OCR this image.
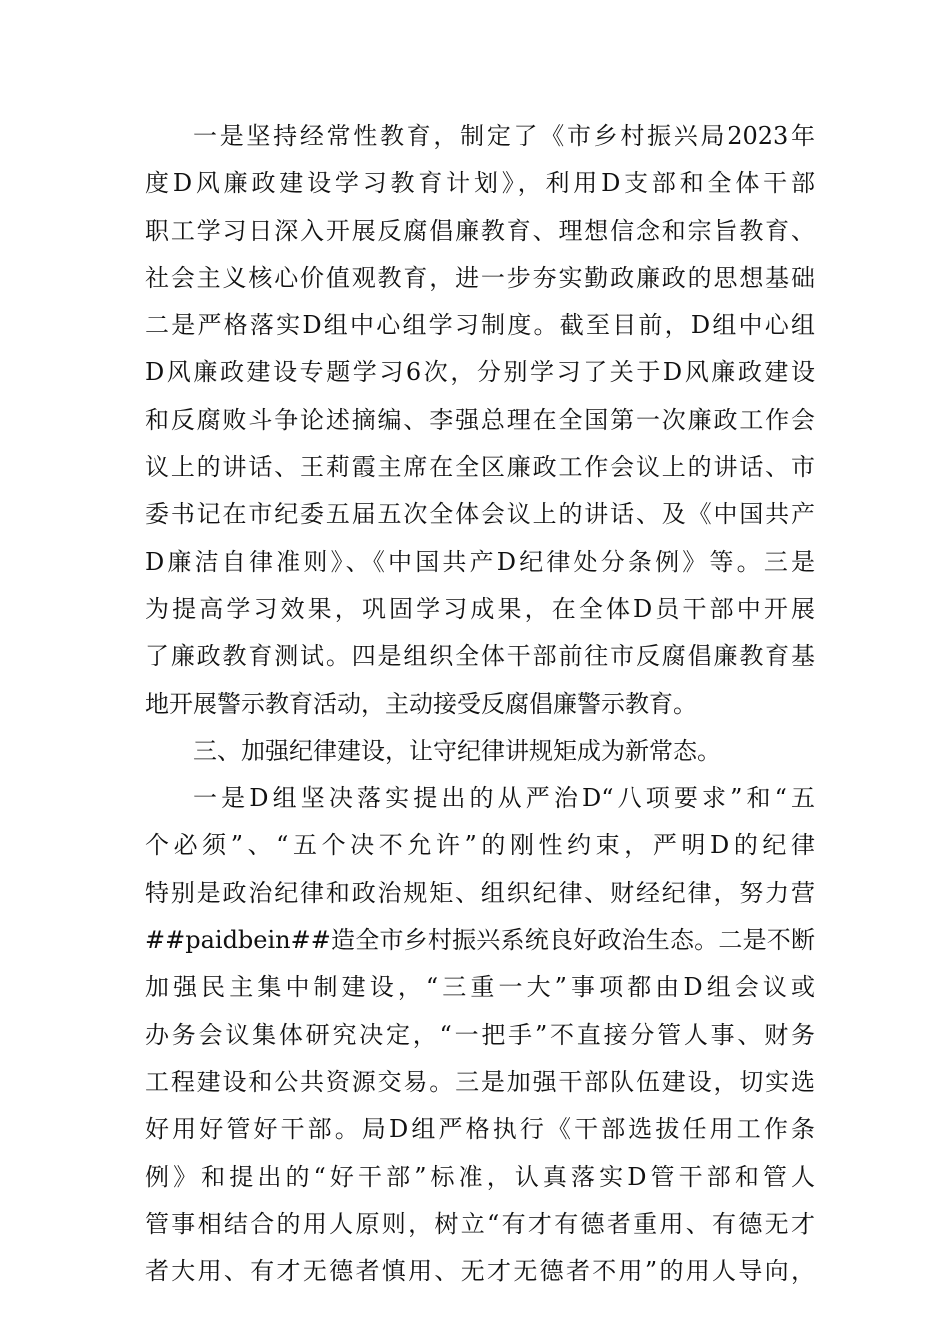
一是坚持经常性教育，制定了《市乡村振兴局2023年
度D风廉政建设学习教育计划》，利用D支部和全体干部
职工学习日深入开展反腐倡廉教育、理想信念和宗旨教育、
社会主义核心价值观教育，进一步夯实勤政廉政的思想基础
二是严格落实D组中心组学习制度。截至目前，D组中心组
D风廉政建设专题学习6次，分别学习了关于D风廉政建设
和反腐败斗争论述摘编、李强总理在全国第一次廉政工作会
议上的讲话、王莉霞主席在全区廉政工作会议上的讲话、市
委书记在市纪委五届五次全体会议上的讲话、及《中国共产
D廉洁自律准则》、《中国共产D纪律处分条例》等。三是
为提高学习效果，巩固学习成果，在全体D员干部中开展
了廉政教育测试。四是组织全体干部前往市反腐倡廉教育基
地开展警示教育活动，主动接受反腐倡廉警示教育。
三、加强纪律建设，让守纪律讲规矩成为新常态。
一是D组坚决落实提出的从严治D“八项要求”和“五
个必须”、“五个决不允许”的刚性约束，严明D的纪律
特别是政治纪律和政治规矩、组织纪律、财经纪律，努力营
##paidbein##造全市乡村振兴系统良好政治生态。二是不断
加强民主集中制建设，“三重一大”事项都由D组会议或
办务会议集体研究决定，“一把手”不直接分管人事、财务
工程建设和公共资源交易。三是加强干部队伍建设，切实选
好用好管好干部。局D组严格执行《干部选拔任用工作条
例》和提出的“好干部”标准，认真落实D管干部和管人
管事相结合的用人原则，树立“有才有德者重用、有德无才
者大用、有才无德者慎用、无才无德者不用”的用人导向，
